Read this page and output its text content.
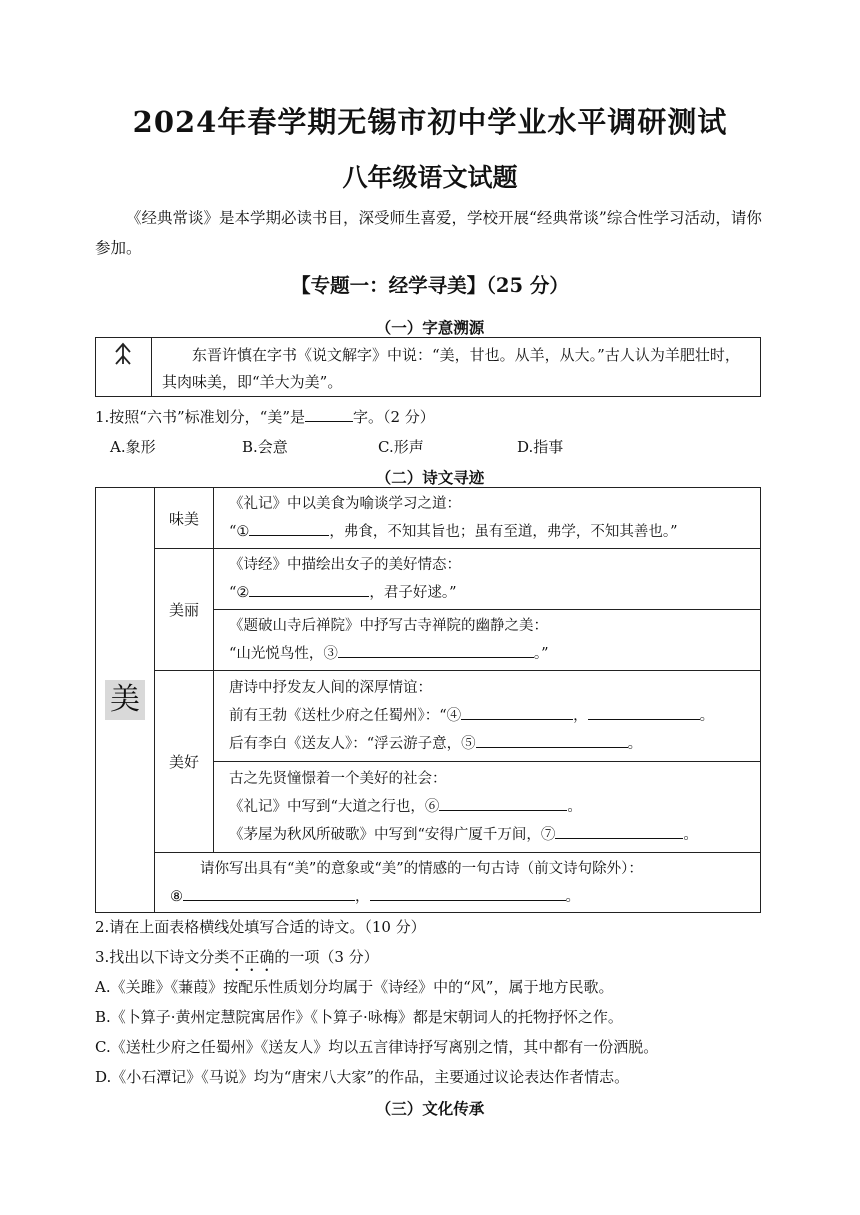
2024年春学期无锡市初中学业水平调研测试
八年级语文试题
《经典常谈》是本学期必读书目，深受师生喜爱，学校开展“经典常谈”综合性学习活动，请你参加。
【专题一：经学寻美】（25 分）
（一）字意溯源
东晋许慎在字书《说文解字》中说：“美，甘也。从羊，从大。”古人认为羊肥壮时，其肉味美，即“羊大为美”。
1.按照“六书”标准划分，“美”是	字。（2 分）
A.象形	B.会意	C.形声	D.指事
（二）诗文寻迹
美	味美	《礼记》中以美食为喻谈学习之道：
“① ，弗食，不知其旨也；虽有至道，弗学，不知其善也。”

	美丽	《诗经》中描绘出女子的美好情态：
“② ，君子好逑。”

		《题破山寺后禅院》中抒写古寺禅院的幽静之美：
“山光悦鸟性，③ 。”

	美好	唐诗中抒发友人间的深厚情谊：
前有王勃《送杜少府之任蜀州》：“④ ， 。
后有李白《送友人》：“浮云游子意，⑤ 。

		古之先贤憧憬着一个美好的社会：
《礼记》中写到“大道之行也，⑥ 。
《茅屋为秋风所破歌》中写到“安得广厦千万间，⑦ 。

	请你写出具有“美”的意象或“美”的情感的一句古诗（前文诗句除外）：
⑧ ， 。	
2.请在上面表格横线处填写合适的诗文。（10 分）
3.找出以下诗文分类不正确的一项（3 分）
A.《关雎》《蒹葭》按配乐性质划分均属于《诗经》中的“风”，属于地方民歌。
B.《卜算子·黄州定慧院寓居作》《卜算子·咏梅》都是宋朝词人的托物抒怀之作。
C.《送杜少府之任蜀州》《送友人》均以五言律诗抒写离别之情，其中都有一份洒脱。
D.《小石潭记》《马说》均为“唐宋八大家”的作品，主要通过议论表达作者情志。
（三）文化传承
